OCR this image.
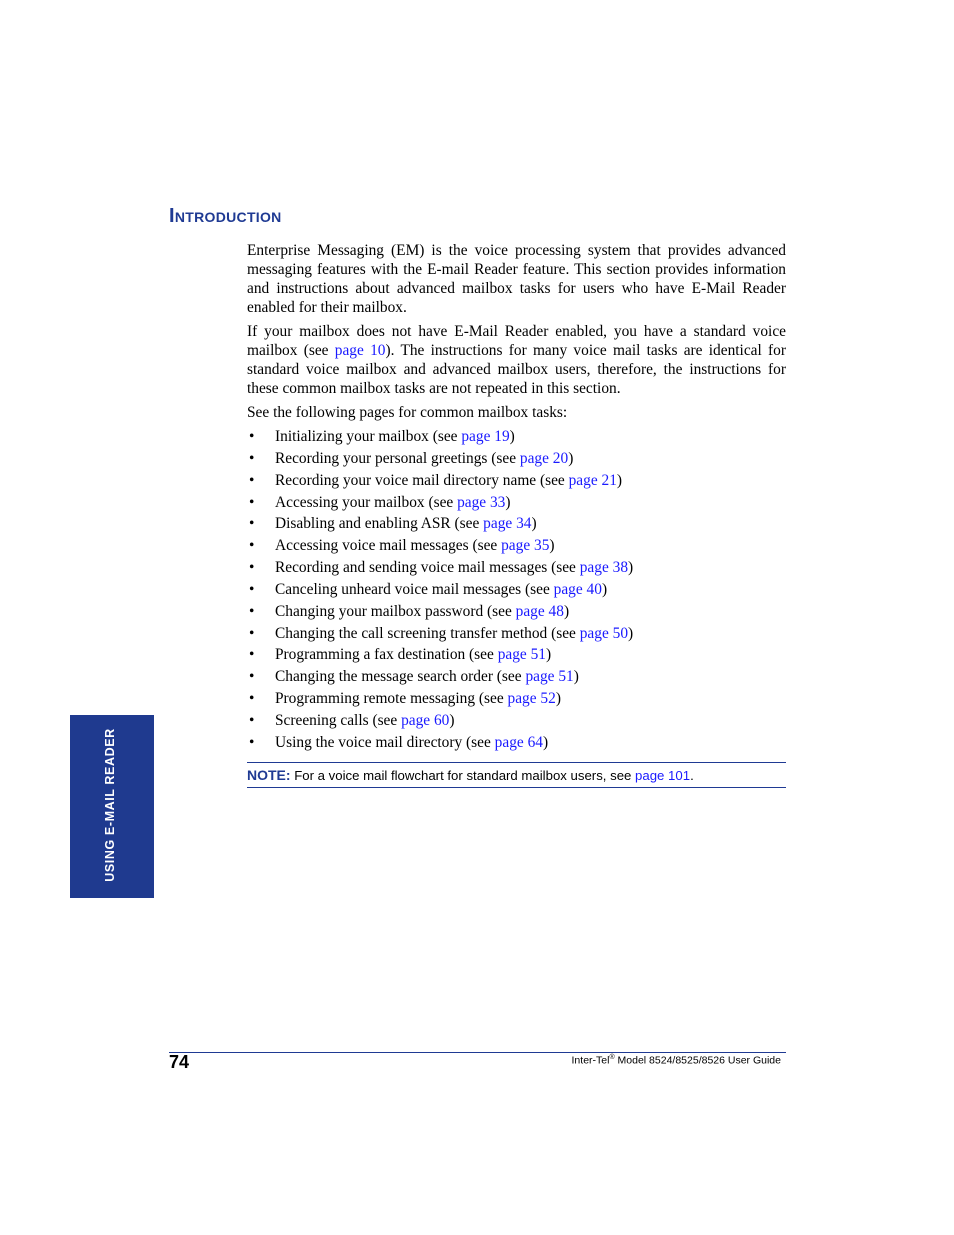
Introduction

Enterprise Messaging (EM) is the voice processing system that provides advanced messaging features with the E-mail Reader feature. This section provides information and instructions about advanced mailbox tasks for users who have E-Mail Reader enabled for their mailbox.

If your mailbox does not have E-Mail Reader enabled, you have a standard voice mailbox (see page 10). The instructions for many voice mail tasks are identical for standard voice mailbox and advanced mailbox users, therefore, the instructions for these common mailbox tasks are not repeated in this section.

See the following pages for common mailbox tasks:

• Initializing your mailbox (see page 19)
• Recording your personal greetings (see page 20)
• Recording your voice mail directory name (see page 21)
• Accessing your mailbox (see page 33)
• Disabling and enabling ASR (see page 34)
• Accessing voice mail messages (see page 35)
• Recording and sending voice mail messages (see page 38)
• Canceling unheard voice mail messages (see page 40)
• Changing your mailbox password (see page 48)
• Changing the call screening transfer method (see page 50)
• Programming a fax destination (see page 51)
• Changing the message search order (see page 51)
• Programming remote messaging (see page 52)
• Screening calls (see page 60)
• Using the voice mail directory (see page 64)
NOTE: For a voice mail flowchart for standard mailbox users, see page 101.
USING E-MAIL READER
74	Inter-Tel® Model 8524/8525/8526 User Guide
